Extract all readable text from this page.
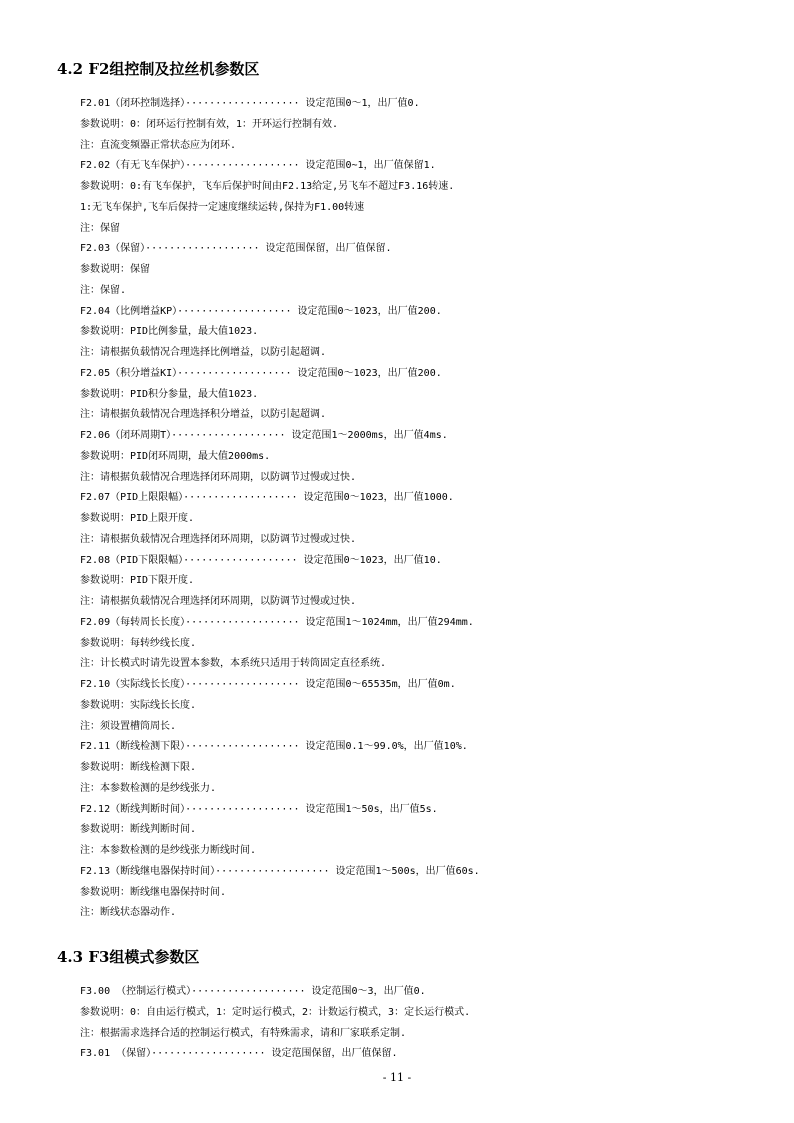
4.2 F2组控制及拉丝机参数区
F2.01（闭环控制选择）··················· 设定范围0～1，出厂值0.
参数说明：0：闭环运行控制有效，1：开环运行控制有效.
注：直流变频器正常状态应为闭环.
F2.02（有无飞车保护）··················· 设定范围0~1，出厂值保留1.
参数说明：0:有飞车保护，飞车后保护时间由F2.13给定,另飞车不超过F3.16转速.
1:无飞车保护,飞车后保持一定速度继续运转,保持为F1.00转速
注：保留
F2.03（保留）··················· 设定范围保留，出厂值保留.
参数说明：保留
注：保留.
F2.04（比例增益KP）··················· 设定范围0～1023，出厂值200.
参数说明：PID比例参量，最大值1023.
注：请根据负载情况合理选择比例增益，以防引起超调.
F2.05（积分增益KI）··················· 设定范围0～1023，出厂值200.
参数说明：PID积分参量，最大值1023.
注：请根据负载情况合理选择积分增益，以防引起超调.
F2.06（闭环周期T）··················· 设定范围1～2000ms，出厂值4ms.
参数说明：PID闭环周期，最大值2000ms.
注：请根据负载情况合理选择闭环周期，以防调节过慢或过快.
F2.07（PID上限限幅）··················· 设定范围0～1023，出厂值1000.
参数说明：PID上限开度.
注：请根据负载情况合理选择闭环周期，以防调节过慢或过快.
F2.08（PID下限限幅）··················· 设定范围0～1023，出厂值10.
参数说明：PID下限开度.
注：请根据负载情况合理选择闭环周期，以防调节过慢或过快.
F2.09（每转周长长度）··················· 设定范围1～1024mm，出厂值294mm.
参数说明：每转纱线长度.
注：计长模式时请先设置本参数，本系统只适用于转筒固定直径系统.
F2.10（实际线长长度）··················· 设定范围0～65535m，出厂值0m.
参数说明：实际线长长度.
注：须设置槽筒周长.
F2.11（断线检测下限）··················· 设定范围0.1～99.0%，出厂值10%.
参数说明：断线检测下限.
注：本参数检测的是纱线张力.
F2.12（断线判断时间）··················· 设定范围1～50s，出厂值5s.
参数说明：断线判断时间.
注：本参数检测的是纱线张力断线时间.
F2.13（断线继电器保持时间）··················· 设定范围1～500s，出厂值60s.
参数说明：断线继电器保持时间.
注：断线状态器动作.
4.3 F3组模式参数区
F3.00 （控制运行模式）··················· 设定范围0～3，出厂值0.
参数说明：0：自由运行模式，1：定时运行模式，2：计数运行模式，3：定长运行模式.
注：根据需求选择合适的控制运行模式，有特殊需求，请和厂家联系定制.
F3.01 （保留）··················· 设定范围保留，出厂值保留.
- 11 -
